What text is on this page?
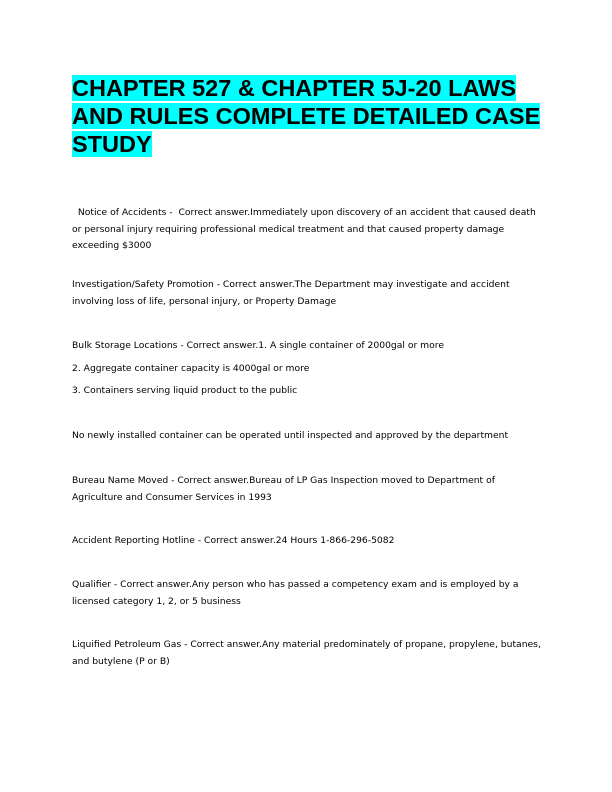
CHAPTER 527 & CHAPTER 5J-20 LAWS AND RULES COMPLETE DETAILED CASE STUDY

Notice of Accidents -  Correct answer.Immediately upon discovery of an accident that caused death or personal injury requiring professional medical treatment and that caused property damage exceeding $3000

Investigation/Safety Promotion - Correct answer.The Department may investigate and accident involving loss of life, personal injury, or Property Damage

Bulk Storage Locations - Correct answer.1. A single container of 2000gal or more

2. Aggregate container capacity is 4000gal or more

3. Containers serving liquid product to the public

No newly installed container can be operated until inspected and approved by the department

Bureau Name Moved - Correct answer.Bureau of LP Gas Inspection moved to Department of Agriculture and Consumer Services in 1993

Accident Reporting Hotline - Correct answer.24 Hours 1-866-296-5082

Qualifier - Correct answer.Any person who has passed a competency exam and is employed by a licensed category 1, 2, or 5 business

Liquified Petroleum Gas - Correct answer.Any material predominately of propane, propylene, butanes, and butylene (P or B)
